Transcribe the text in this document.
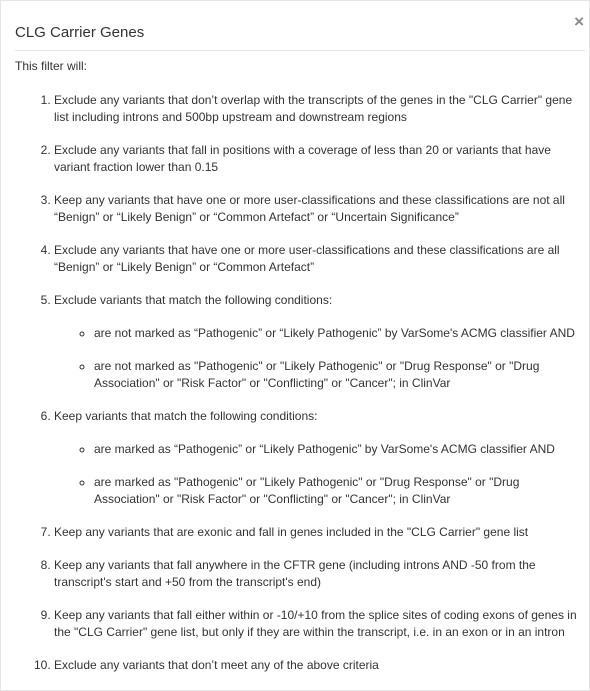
CLG Carrier Genes
×
This filter will:
1. Exclude any variants that don’t overlap with the transcripts of the genes in the "CLG Carrier" gene list including introns and 500bp upstream and downstream regions
2. Exclude any variants that fall in positions with a coverage of less than 20 or variants that have variant fraction lower than 0.15
3. Keep any variants that have one or more user-classifications and these classifications are not all “Benign” or “Likely Benign” or “Common Artefact” or “Uncertain Significance”
4. Exclude any variants that have one or more user-classifications and these classifications are all “Benign” or “Likely Benign” or “Common Artefact”
5. Exclude variants that match the following conditions:
◦ are not marked as “Pathogenic” or “Likely Pathogenic” by VarSome's ACMG classifier AND
◦ are not marked as "Pathogenic" or "Likely Pathogenic" or "Drug Response" or "Drug Association" or "Risk Factor" or "Conflicting" or "Cancer"; in ClinVar
6. Keep variants that match the following conditions:
◦ are marked as “Pathogenic” or “Likely Pathogenic” by VarSome's ACMG classifier AND
◦ are marked as "Pathogenic" or "Likely Pathogenic" or "Drug Response" or "Drug Association" or "Risk Factor" or "Conflicting" or "Cancer"; in ClinVar
7. Keep any variants that are exonic and fall in genes included in the "CLG Carrier" gene list
8. Keep any variants that fall anywhere in the CFTR gene (including introns AND -50 from the transcript's start and +50 from the transcript's end)
9. Keep any variants that fall either within or -10/+10 from the splice sites of coding exons of genes in the "CLG Carrier" gene list, but only if they are within the transcript, i.e. in an exon or in an intron
10. Exclude any variants that don’t meet any of the above criteria
